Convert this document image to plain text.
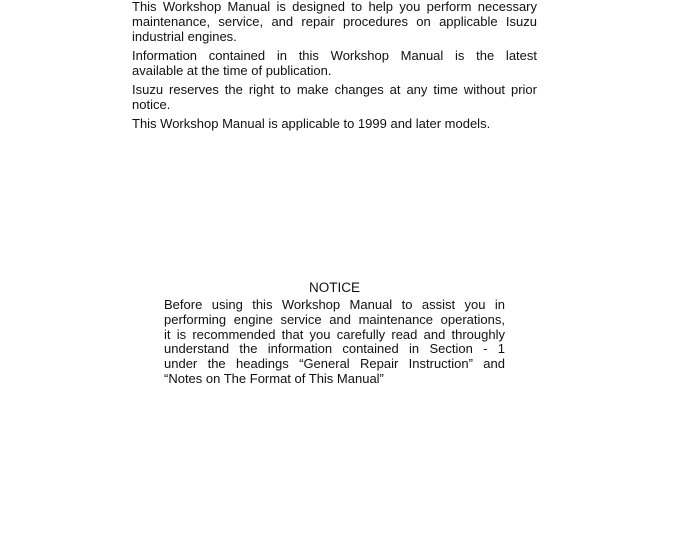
This Workshop Manual is designed to help you perform necessary
maintenance, service, and repair procedures on applicable Isuzu
industrial engines.
Information contained in this Workshop Manual is the latest
available at the time of publication.
Isuzu reserves the right to make changes at any time without prior
notice.
This Workshop Manual is applicable to 1999 and later models.
NOTICE
Before using this Workshop Manual to assist you in
performing engine service and maintenance operations,
it is recommended that you carefully read and throughly
understand the information contained in Section - 1
under the headings “General Repair Instruction” and
“Notes on The Format of This Manual”
